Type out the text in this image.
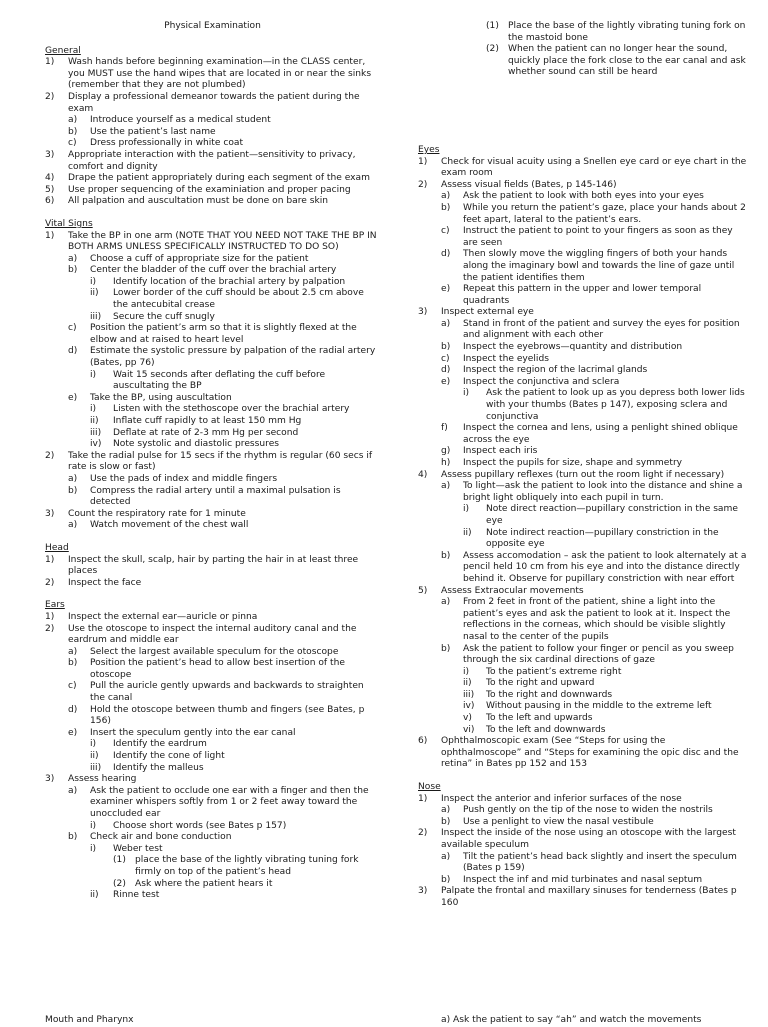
Physical Examination
General
1)	Wash hands before beginning examination—in the CLASS center, you MUST use the hand wipes that are located in or near the sinks (remember that they are not plumbed)
2)	Display a professional demeanor towards the patient during the exam
a)	Introduce yourself as a medical student
b)	Use the patient’s last name
c)	Dress professionally in white coat
3)	Appropriate interaction with the patient—sensitivity to privacy, comfort and dignity
4)	Drape the patient appropriately during each segment of the exam
5)	Use proper sequencing of the examiniation and proper pacing
6)	All palpation and auscultation must be done on bare skin
Vital Signs
1)	Take the BP in one arm (NOTE THAT YOU NEED NOT TAKE THE BP IN BOTH ARMS UNLESS SPECIFICALLY INSTRUCTED TO DO SO)
a)	Choose a cuff of appropriate size for the patient
b)	Center the bladder of the cuff over the brachial artery
i)	Identify location of the brachial artery by palpation
ii)	Lower border of the cuff should be about 2.5 cm above the antecubital crease
iii)	Secure the cuff snugly
c)	Position the patient’s arm so that it is slightly flexed at the elbow and at raised to heart level
d)	Estimate the systolic pressure by palpation of the radial artery (Bates, pp 76)
i)	Wait 15 seconds after deflating the cuff before auscultating the BP
e)	Take the BP, using auscultation
i)	Listen with the stethoscope over the brachial artery
ii)	Inflate cuff rapidly to at least 150 mm Hg
iii)	Deflate at rate of 2-3 mm Hg per second
iv)	Note systolic and diastolic pressures
2)	Take the radial pulse for 15 secs if the rhythm is regular (60 secs if rate is slow or fast)
a)	Use the pads of index and middle fingers
b)	Compress the radial artery until a maximal pulsation is detected
3)	Count the respiratory rate for 1 minute
a)	Watch movement of the chest wall
Head
1)	Inspect the skull, scalp, hair by parting the hair in at least three places
2)	Inspect the face
Ears
1)	Inspect the external ear—auricle or pinna
2)	Use the otoscope to inspect the internal auditory canal and the eardrum and middle ear
a)	Select the largest available speculum for the otoscope
b)	Position the patient’s head to allow best insertion of the otoscope
c)	Pull the auricle gently upwards and backwards to straighten the canal
d)	Hold the otoscope between thumb and fingers (see Bates, p 156)
e)	Insert the speculum gently into the ear canal
i)	Identify the eardrum
ii)	Identify the cone of light
iii)	Identify the malleus
3)	Assess hearing
a)	Ask the patient to occlude one ear with a finger and then the examiner whispers softly from 1 or 2 feet away toward the unoccluded ear
i)	Choose short words (see Bates p 157)
b)	Check air and bone conduction
i)	Weber test
(1)	place the base of the lightly vibrating tuning fork firmly on top of the patient’s head
(2)	Ask where the patient hears it
ii)	Rinne test
(1)	Place the base of the lightly vibrating tuning fork on the mastoid bone
(2)	When the patient can no longer hear the sound, quickly place the fork close to the ear canal and ask whether sound can still be heard
Eyes
1)	Check for visual acuity using a Snellen eye card or eye chart in the exam room
2)	Assess visual fields (Bates, p 145-146)
a)	Ask the patient to look with both eyes into your eyes
b)	While you return the patient’s gaze, place your hands about 2 feet apart, lateral to the patient’s ears.
c)	Instruct the patient to point to your fingers as soon as they are seen
d)	Then slowly move the wiggling fingers of both your hands along the imaginary bowl and towards the line of gaze until the patient identifies them
e)	Repeat this pattern in the upper and lower temporal quadrants
3)	Inspect external eye
a)	Stand in front of the patient and survey the eyes for position and alignment with each other
b)	Inspect the eyebrows—quantity and distribution
c)	Inspect the eyelids
d)	Inspect the region of the lacrimal glands
e)	Inspect the conjunctiva and sclera
i)	Ask the patient to look up as you depress both lower lids with your thumbs (Bates p 147), exposing sclera and conjunctiva
f)	Inspect the cornea and lens, using a penlight shined oblique across the eye
g)	Inspect each iris
h)	Inspect the pupils for size, shape and symmetry
4)	Assess pupillary reflexes (turn out the room light if necessary)
a)	To light—ask the patient to look into the distance and shine a bright light obliquely into each pupil in turn.
i)	Note direct reaction—pupillary constriction in the same eye
ii)	Note indirect reaction—pupillary constriction in the opposite eye
b)	Assess accomodation – ask the patient to look alternately at a pencil held 10 cm from his eye and into the distance directly behind it. Observe for pupillary constriction with near effort
5)	Assess Extraocular movements
a)	From 2 feet in front of the patient, shine a light into the patient’s eyes and ask the patient to look at it. Inspect the reflections in the corneas, which should be visible slightly nasal to the center of the pupils
b)	Ask the patient to follow your finger or pencil as you sweep through the six cardinal directions of gaze
i)	To the patient’s extreme right
ii)	To the right and upward
iii)	To the right and downwards
iv)	Without pausing in the middle to the extreme left
v)	To the left and upwards
vi)	To the left and downwards
6)	Ophthalmoscopic exam (See “Steps for using the ophthalmoscope” and “Steps for examining the opic disc and the retina” in Bates pp 152 and 153
Nose
1)	Inspect the anterior and inferior surfaces of the nose
a)	Push gently on the tip of the nose to widen the nostrils
b)	Use a penlight to view the nasal vestibule
2)	Inspect the inside of the nose using an otoscope with the largest available speculum
a)	Tilt the patient’s head back slightly and insert the speculum (Bates p 159)
b)	Inspect the inf and mid turbinates and nasal septum
3)	Palpate the frontal and maxillary sinuses for tenderness (Bates p 160
Mouth and Pharynx	a) Ask the patient to say “ah” and watch the movements
